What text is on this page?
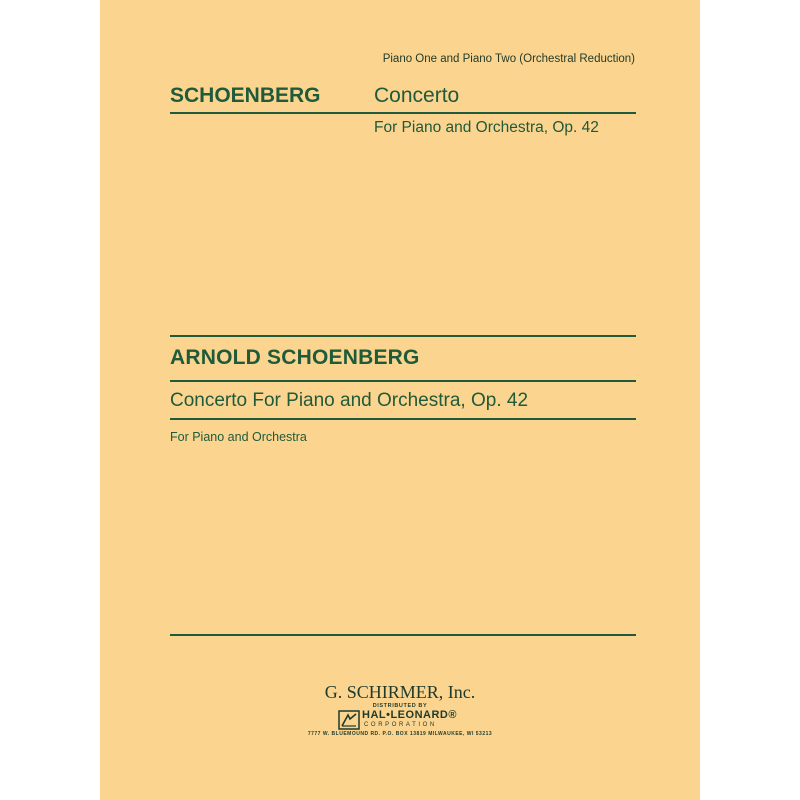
Piano One and Piano Two (Orchestral Reduction)
SCHOENBERG	Concerto
For Piano and Orchestra, Op. 42
ARNOLD SCHOENBERG
Concerto For Piano and Orchestra, Op. 42
For Piano and Orchestra
G. SCHIRMER, Inc.
DISTRIBUTED BY
HAL•LEONARD®
CORPORATION
7777 W. BLUEMOUND RD. P.O. BOX 13819 MILWAUKEE, WI 53213
